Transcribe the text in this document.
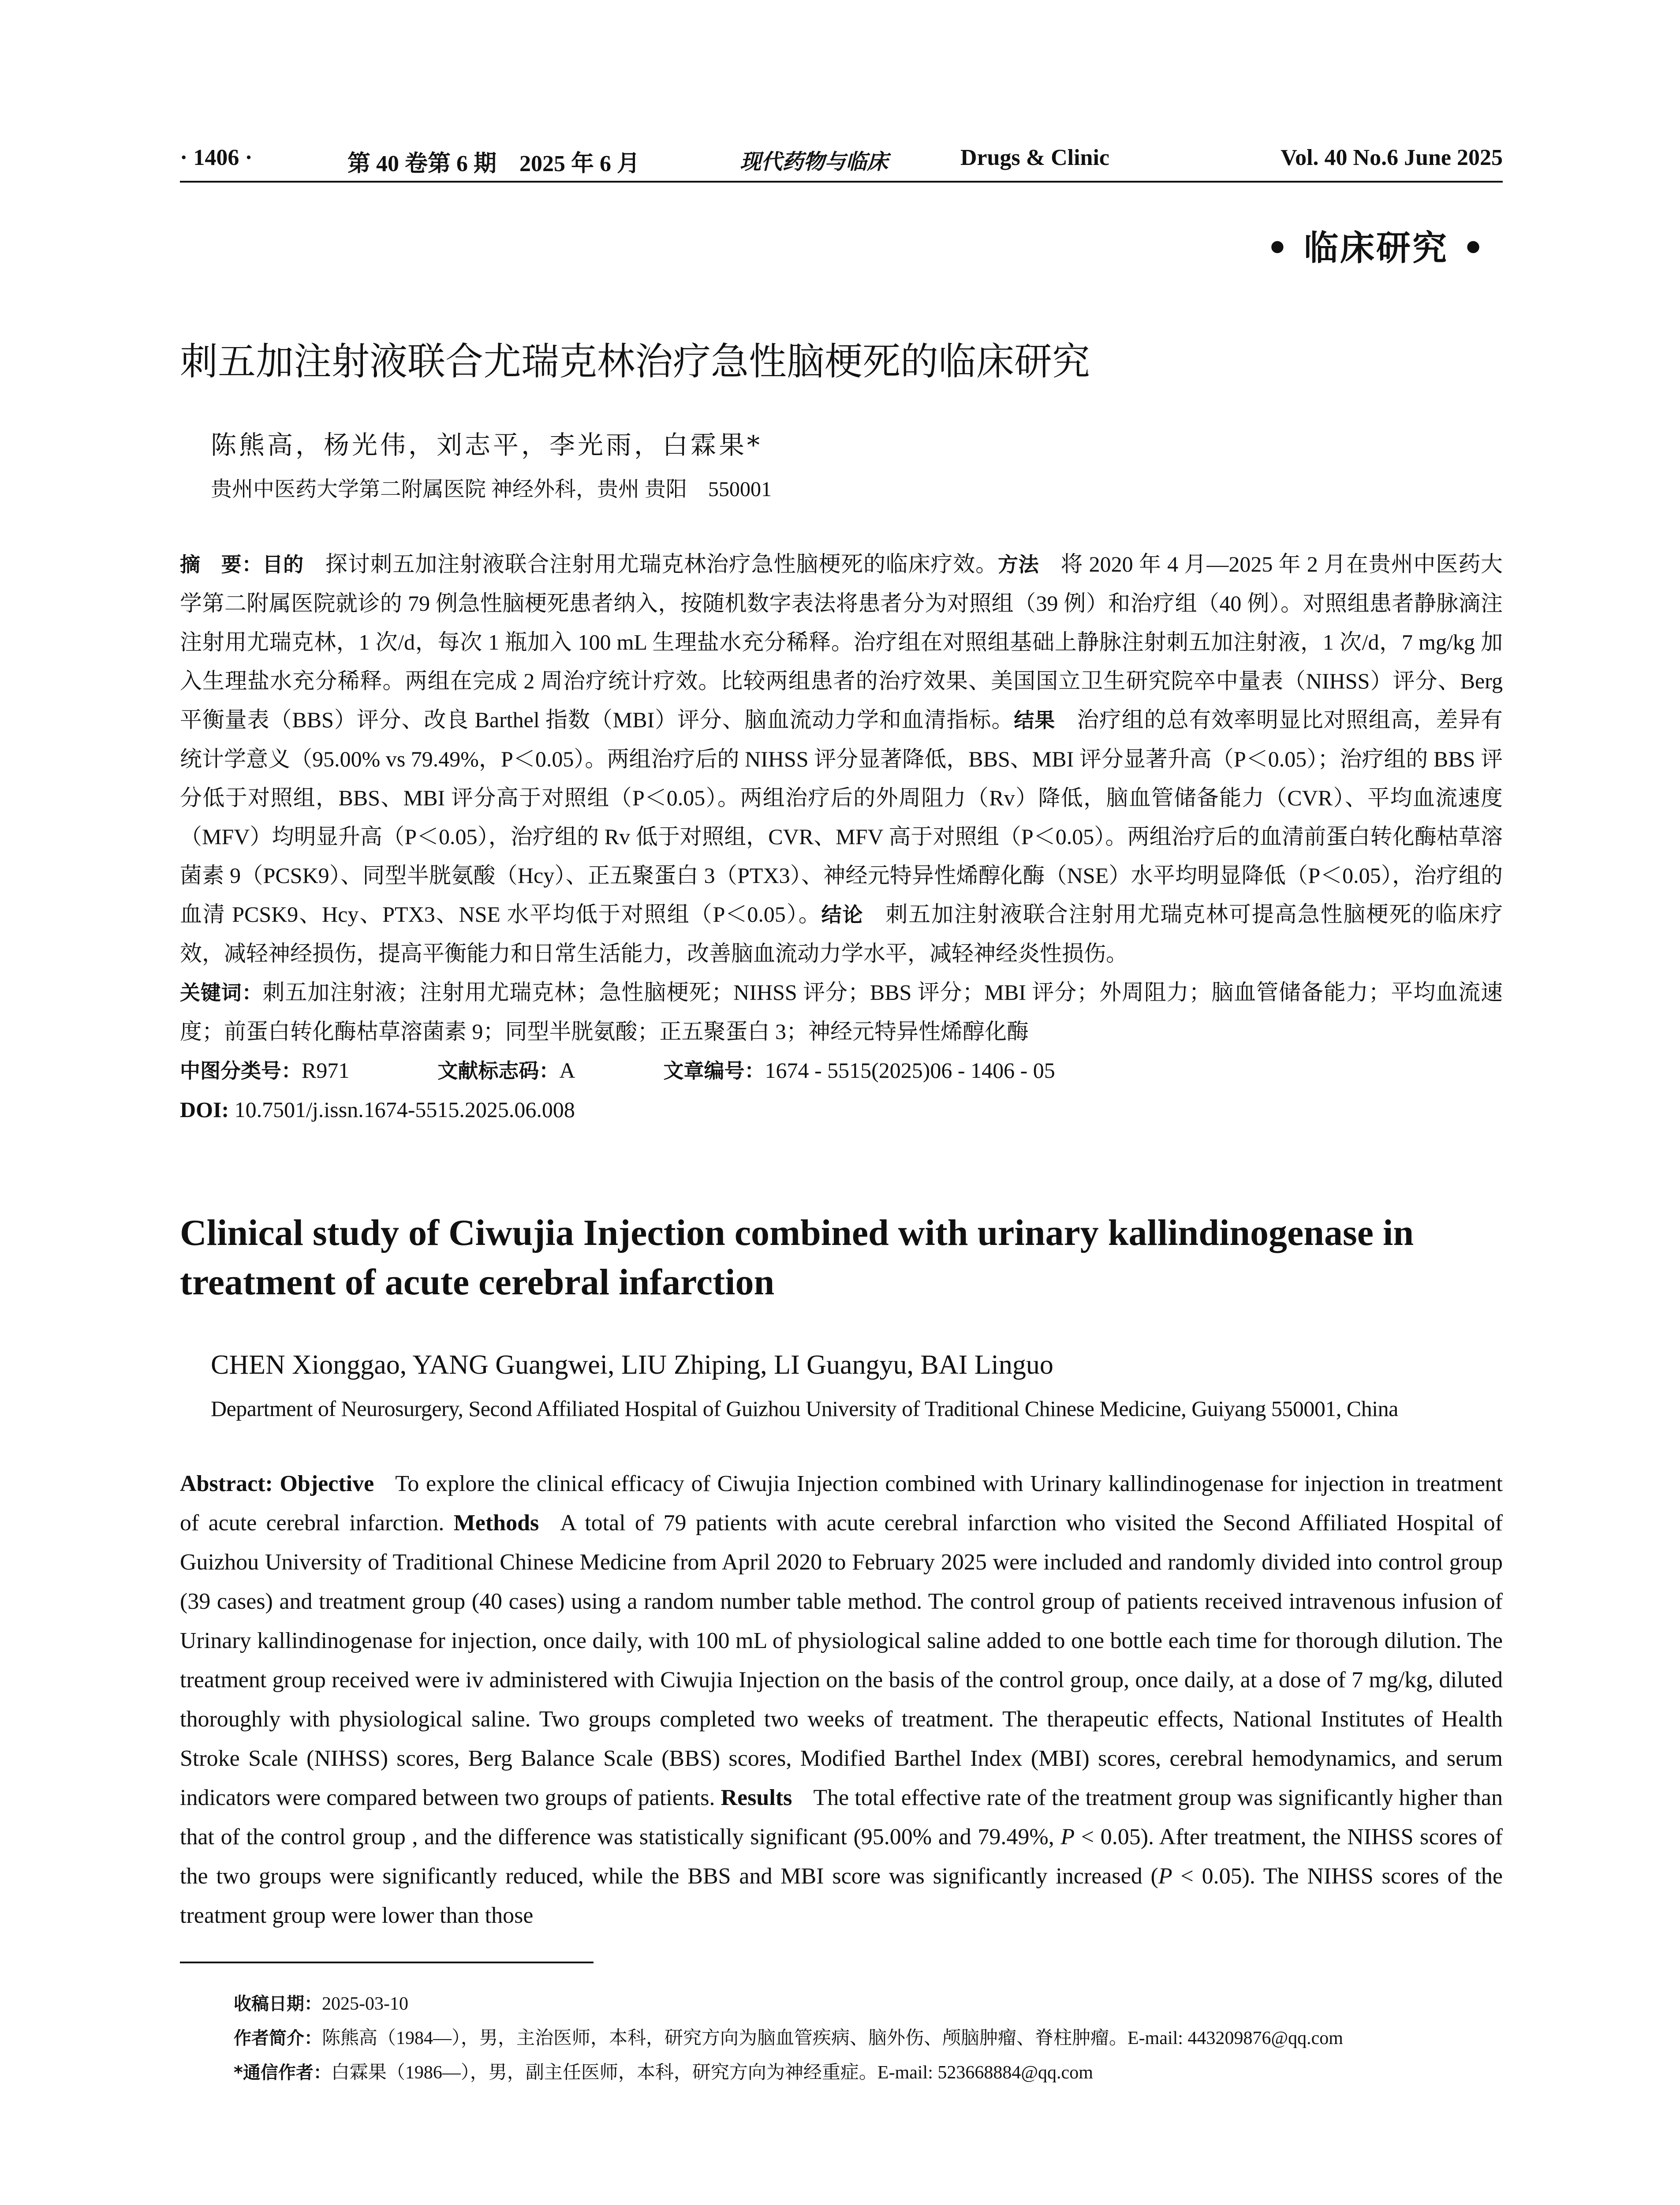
· 1406 ·	第 40 卷第 6 期　2025 年 6 月	现代药物与临床	Drugs & Clinic	Vol. 40 No.6 June 2025
• 临床研究 •
刺五加注射液联合尤瑞克林治疗急性脑梗死的临床研究
陈熊高，杨光伟，刘志平，李光雨，白霖果*
贵州中医药大学第二附属医院 神经外科，贵州 贵阳　550001

摘　要：目的 探讨刺五加注射液联合注射用尤瑞克林治疗急性脑梗死的临床疗效。方法 将 2020 年 4 月—2025 年 2 月在贵州中医药大学第二附属医院就诊的 79 例急性脑梗死患者纳入，按随机数字表法将患者分为对照组（39 例）和治疗组（40 例）。对照组患者静脉滴注注射用尤瑞克林，1 次/d，每次 1 瓶加入 100 mL 生理盐水充分稀释。治疗组在对照组基础上静脉注射刺五加注射液，1 次/d，7 mg/kg 加入生理盐水充分稀释。两组在完成 2 周治疗统计疗效。比较两组患者的治疗效果、美国国立卫生研究院卒中量表（NIHSS）评分、Berg 平衡量表（BBS）评分、改良 Barthel 指数（MBI）评分、脑血流动力学和血清指标。结果 治疗组的总有效率明显比对照组高，差异有统计学意义（95.00% vs 79.49%，P＜0.05）。两组治疗后的 NIHSS 评分显著降低，BBS、MBI 评分显著升高（P＜0.05）；治疗组的 BBS 评分低于对照组，BBS、MBI 评分高于对照组（P＜0.05）。两组治疗后的外周阻力（Rv）降低，脑血管储备能力（CVR）、平均血流速度（MFV）均明显升高（P＜0.05），治疗组的 Rv 低于对照组，CVR、MFV 高于对照组（P＜0.05）。两组治疗后的血清前蛋白转化酶枯草溶菌素 9（PCSK9）、同型半胱氨酸（Hcy）、正五聚蛋白 3（PTX3）、神经元特异性烯醇化酶（NSE）水平均明显降低（P＜0.05），治疗组的血清 PCSK9、Hcy、PTX3、NSE 水平均低于对照组（P＜0.05）。结论 刺五加注射液联合注射用尤瑞克林可提高急性脑梗死的临床疗效，减轻神经损伤，提高平衡能力和日常生活能力，改善脑血流动力学水平，减轻神经炎性损伤。

关键词：刺五加注射液；注射用尤瑞克林；急性脑梗死；NIHSS 评分；BBS 评分；MBI 评分；外周阻力；脑血管储备能力；平均血流速度；前蛋白转化酶枯草溶菌素 9；同型半胱氨酸；正五聚蛋白 3；神经元特异性烯醇化酶

中图分类号：R971	文献标志码：A	文章编号：1674 - 5515(2025)06 - 1406 - 05

DOI: 10.7501/j.issn.1674-5515.2025.06.008

Clinical study of Ciwujia Injection combined with urinary kallindinogenase in
treatment of acute cerebral infarction
CHEN Xionggao, YANG Guangwei, LIU Zhiping, LI Guangyu, BAI Linguo
Department of Neurosurgery, Second Affiliated Hospital of Guizhou University of Traditional Chinese Medicine, Guiyang 550001, China
Abstract: Objective To explore the clinical efficacy of Ciwujia Injection combined with Urinary kallindinogenase for injection in treatment of acute cerebral infarction. Methods A total of 79 patients with acute cerebral infarction who visited the Second Affiliated Hospital of Guizhou University of Traditional Chinese Medicine from April 2020 to February 2025 were included and randomly divided into control group (39 cases) and treatment group (40 cases) using a random number table method. The control group of patients received intravenous infusion of Urinary kallindinogenase for injection, once daily, with 100 mL of physiological saline added to one bottle each time for thorough dilution. The treatment group received were iv administered with Ciwujia Injection on the basis of the control group, once daily, at a dose of 7 mg/kg, diluted thoroughly with physiological saline. Two groups completed two weeks of treatment. The therapeutic effects, National Institutes of Health Stroke Scale (NIHSS) scores, Berg Balance Scale (BBS) scores, Modified Barthel Index (MBI) scores, cerebral hemodynamics, and serum indicators were compared between two groups of patients. Results The total effective rate of the treatment group was significantly higher than that of the control group , and the difference was statistically significant (95.00% and 79.49%, P < 0.05). After treatment, the NIHSS scores of the two groups were significantly reduced, while the BBS and MBI score was significantly increased (P < 0.05). The NIHSS scores of the treatment group were lower than those
收稿日期：2025-03-10
作者简介：陈熊高（1984—），男，主治医师，本科，研究方向为脑血管疾病、脑外伤、颅脑肿瘤、脊柱肿瘤。E-mail: 443209876@qq.com
*通信作者：白霖果（1986—），男，副主任医师，本科，研究方向为神经重症。E-mail: 523668884@qq.com
